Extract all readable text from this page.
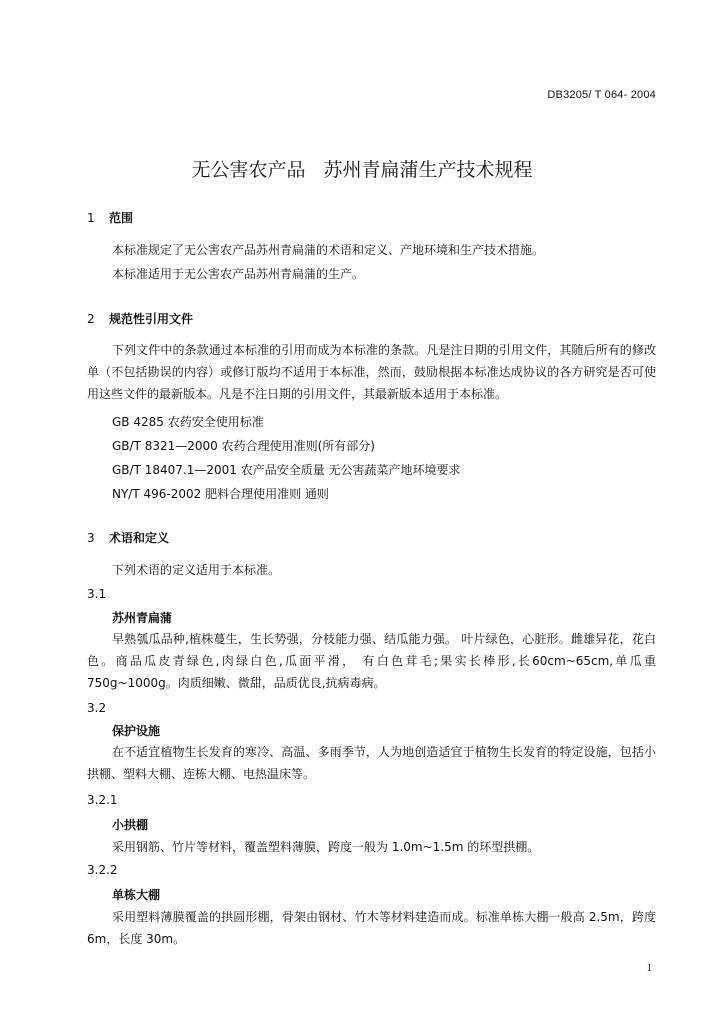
DB3205/ T 064- 2004
无公害农产品   苏州青扁蒲生产技术规程
1 范围
本标准规定了无公害农产品苏州青扁蒲的术语和定义、产地环境和生产技术措施。
本标准适用于无公害农产品苏州青扁蒲的生产。
2 规范性引用文件
下列文件中的条款通过本标准的引用而成为本标准的条款。凡是注日期的引用文件，其随后所有的修改单（不包括勘误的内容）或修订版均不适用于本标准，然而，鼓励根据本标准达成协议的各方研究是否可使用这些文件的最新版本。凡是不注日期的引用文件，其最新版本适用于本标准。
GB 4285 农药安全使用标准
GB/T 8321—2000 农药合理使用准则(所有部分)
GB/T 18407.1—2001 农产品安全质量 无公害蔬菜产地环境要求
NY/T 496-2002 肥料合理使用准则 通则
3 术语和定义
下列术语的定义适用于本标准。
3.1
苏州青扁蒲
早熟瓠瓜品种,植株蔓生，生长势强，分枝能力强、结瓜能力强。 叶片绿色，心脏形。雌雄异花，花白色。商品瓜皮青绿色,肉绿白色,瓜面平滑， 有白色茸毛;果实长棒形,长60cm~65cm,单瓜重750g~1000g。肉质细嫩、微甜，品质优良,抗病毒病。
3.2
保护设施
在不适宜植物生长发育的寒冷、高温、多雨季节，人为地创造适宜于植物生长发育的特定设施，包括小拱棚、塑料大棚、连栋大棚、电热温床等。
3.2.1
小拱棚
采用钢筋、竹片等材料，覆盖塑料薄膜，跨度一般为 1.0m~1.5m 的环型拱棚。
3.2.2
单栋大棚
采用塑料薄膜覆盖的拱圆形棚，骨架由钢材、竹木等材料建造而成。标准单栋大棚一般高 2.5m，跨度 6m，长度 30m。
1
